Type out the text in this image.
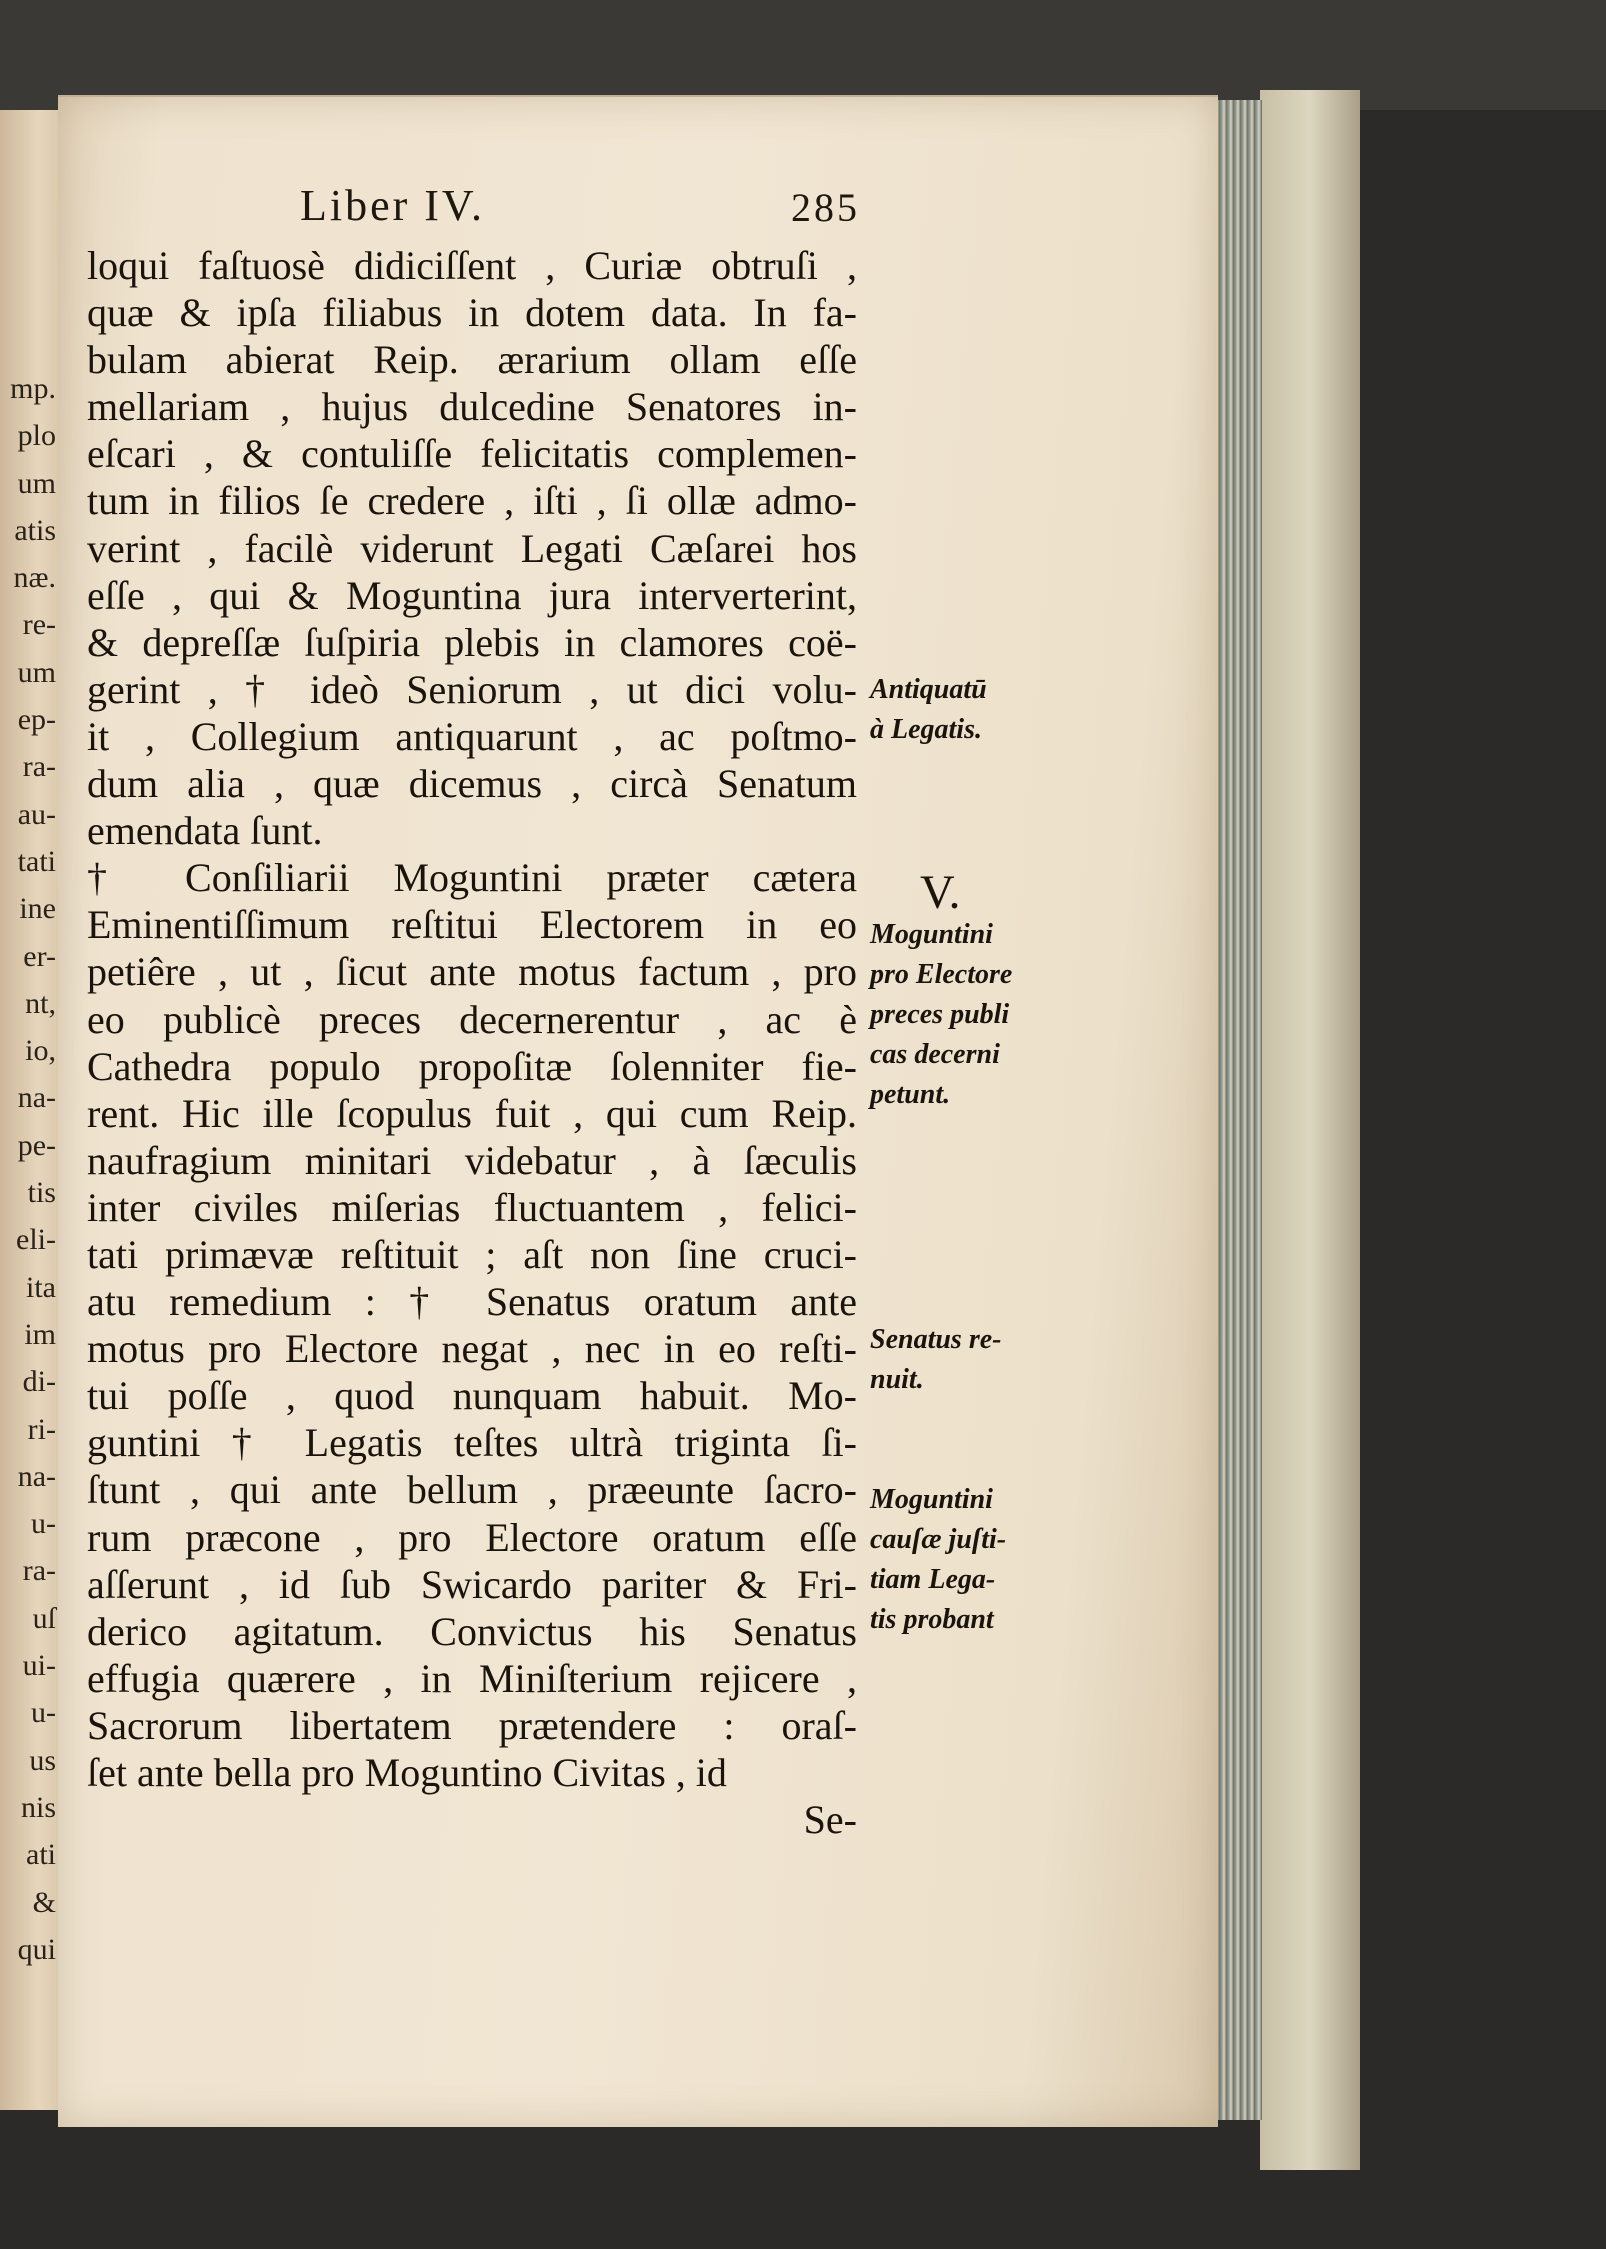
mp.
plo
um
atis
næ.
re-
um
ep-
ra-
au-
tati
ine
er-
nt,
io,
na-
pe-
tis
eli-
ita
im
di-
ri-
na-
u-
ra-
uſ
ui-
u-
us
nis
ati
&
qui
Liber IV.	285
loqui faſtuosè didiciſſent , Curiæ obtruſi ,
quæ & ipſa filiabus in dotem data. In fa-
bulam abierat Reip. ærarium ollam eſſe
mellariam , hujus dulcedine Senatores in-
eſcari , & contuliſſe felicitatis complemen-
tum in filios ſe credere , iſti , ſi ollæ admo-
verint , facilè viderunt Legati Cæſarei hos
eſſe , qui & Moguntina jura interverterint,
& depreſſæ ſuſpiria plebis in clamores coë-
gerint , † ideò Seniorum , ut dici volu-
it , Collegium antiquarunt , ac poſtmo-
dum alia , quæ dicemus , circà Senatum
emendata ſunt.
† Conſiliarii Moguntini præter cætera
Eminentiſſimum reſtitui Electorem in eo
petiêre , ut , ſicut ante motus factum , pro
eo publicè preces decernerentur , ac è
Cathedra populo propoſitæ ſolenniter fie-
rent. Hic ille ſcopulus fuit , qui cum Reip.
naufragium minitari videbatur , à ſæculis
inter civiles miſerias fluctuantem , felici-
tati primævæ reſtituit ; aſt non ſine cruci-
atu remedium : † Senatus oratum ante
motus pro Electore negat , nec in eo reſti-
tui poſſe , quod nunquam habuit. Mo-
guntini † Legatis teſtes ultrà triginta ſi-
ſtunt , qui ante bellum , præeunte ſacro-
rum præcone , pro Electore oratum eſſe
aſſerunt , id ſub Swicardo pariter & Fri-
derico agitatum. Convictus his Senatus
effugia quærere , in Miniſterium rejicere ,
Sacrorum libertatem prætendere : oraſ-
ſet ante bella pro Moguntino Civitas , id
Se-
V.
Antiquatū
à Legatis.
Moguntini
pro Electore
preces publi
cas decerni
petunt.
Senatus re-
nuit.
Moguntini
cauſæ juſti-
tiam Lega-
tis probant
